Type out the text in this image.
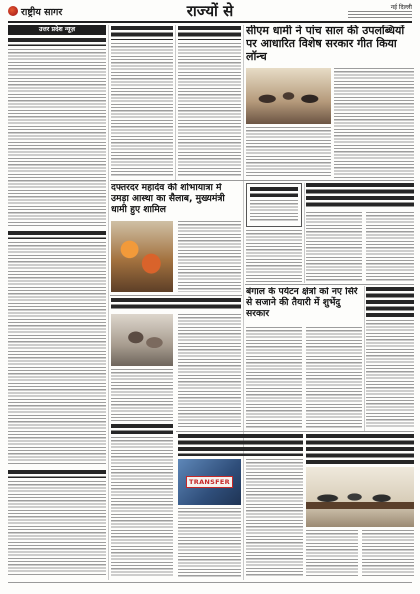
राष्ट्रीय सागर	राज्यों से	नई दिल्ली
उत्तर प्रदेश न्यूज़
दफ्तरदर महादेव की शोभायात्रा में उमड़ा आस्था का सैलाब, मुख्यमंत्री धामी हुए शामिल
सीएम धामी ने पांच साल की उपलब्धियों पर आधारित विशेष सरकार गीत किया लॉन्च
बंगाल के पर्यटन क्षेत्रों को नए सिरे से सजाने की तैयारी में शुभेंदु सरकार
TRANSFER
